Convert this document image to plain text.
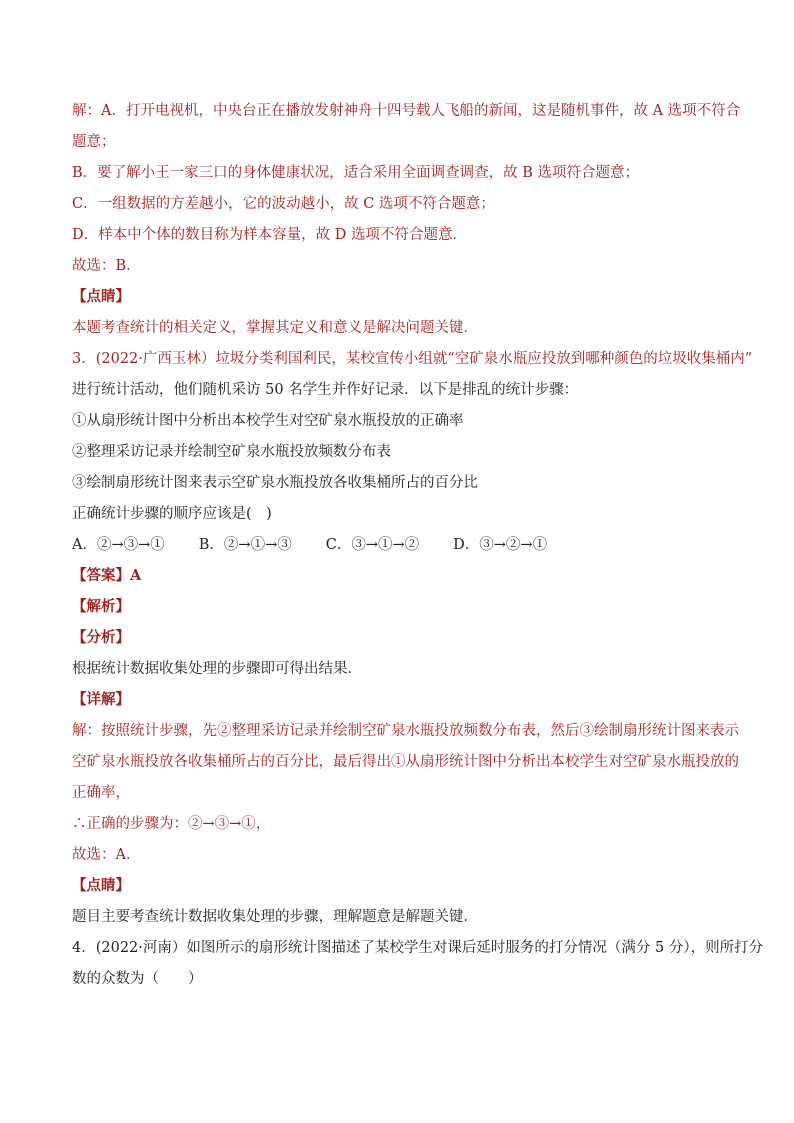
解：A．打开电视机，中央台正在播放发射神舟十四号载人飞船的新闻，这是随机事件，故 A 选项不符合
题意；
B．要了解小王一家三口的身体健康状况，适合采用全面调查调查，故 B 选项符合题意；
C．一组数据的方差越小，它的波动越小，故 C 选项不符合题意；
D．样本中个体的数目称为样本容量，故 D 选项不符合题意．
故选：B．
【点睛】
本题考查统计的相关定义，掌握其定义和意义是解决问题关键．
3．(2022·广西玉林）垃圾分类利国利民，某校宣传小组就“空矿泉水瓶应投放到哪种颜色的垃圾收集桶内”
进行统计活动，他们随机采访 50 名学生并作好记录．以下是排乱的统计步骤：
①从扇形统计图中分析出本校学生对空矿泉水瓶投放的正确率
②整理采访记录并绘制空矿泉水瓶投放频数分布表
③绘制扇形统计图来表示空矿泉水瓶投放各收集桶所占的百分比
正确统计步骤的顺序应该是(　)
A．②→③→① B．②→①→③ C．③→①→② D．③→②→①
【答案】A
【解析】
【分析】
根据统计数据收集处理的步骤即可得出结果．
【详解】
解：按照统计步骤，先②整理采访记录并绘制空矿泉水瓶投放频数分布表，然后③绘制扇形统计图来表示
空矿泉水瓶投放各收集桶所占的百分比，最后得出①从扇形统计图中分析出本校学生对空矿泉水瓶投放的
正确率，
∴正确的步骤为：②→③→①，
故选：A．
【点睛】
题目主要考查统计数据收集处理的步骤，理解题意是解题关键．
4．(2022·河南）如图所示的扇形统计图描述了某校学生对课后延时服务的打分情况（满分 5 分），则所打分
数的众数为（　　）
